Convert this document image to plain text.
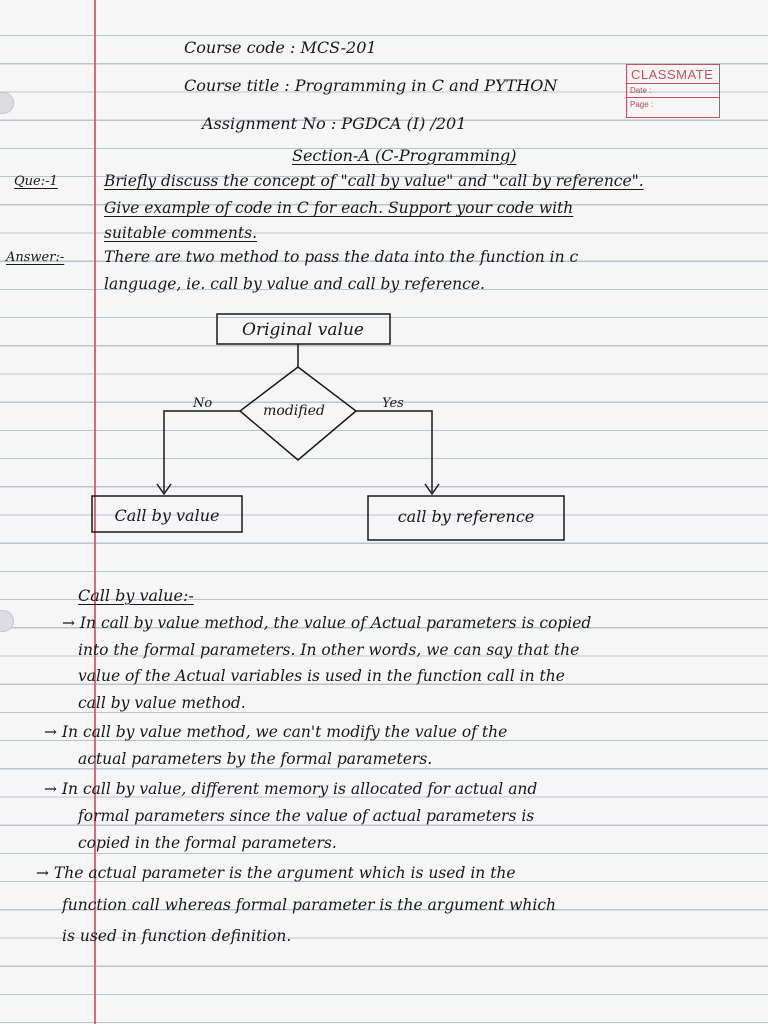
Course code : MCS-201
Course title : Programming in C and PYTHON
Assignment No : PGDCA (I) /201
CLASSMATE
Date :
Page :
Section-A (C-Programming)
Que:-1	Briefly discuss the concept of "call by value" and "call by reference".
Give example of code in C for each. Support your code with
suitable comments.
Answer:-	There are two method to pass the data into the function in c
language, ie. call by value and call by reference.
Original value
modified
No	Yes
Call by value	call by reference
Call by value:-
→ In call by value method, the value of Actual parameters is copied
into the formal parameters. In other words, we can say that the
value of the Actual variables is used in the function call in the
call by value method.
→ In call by value method, we can't modify the value of the
actual parameters by the formal parameters.
→ In call by value, different memory is allocated for actual and
formal parameters since the value of actual parameters is
copied in the formal parameters.
→ The actual parameter is the argument which is used in the
function call whereas formal parameter is the argument which
is used in function definition.
